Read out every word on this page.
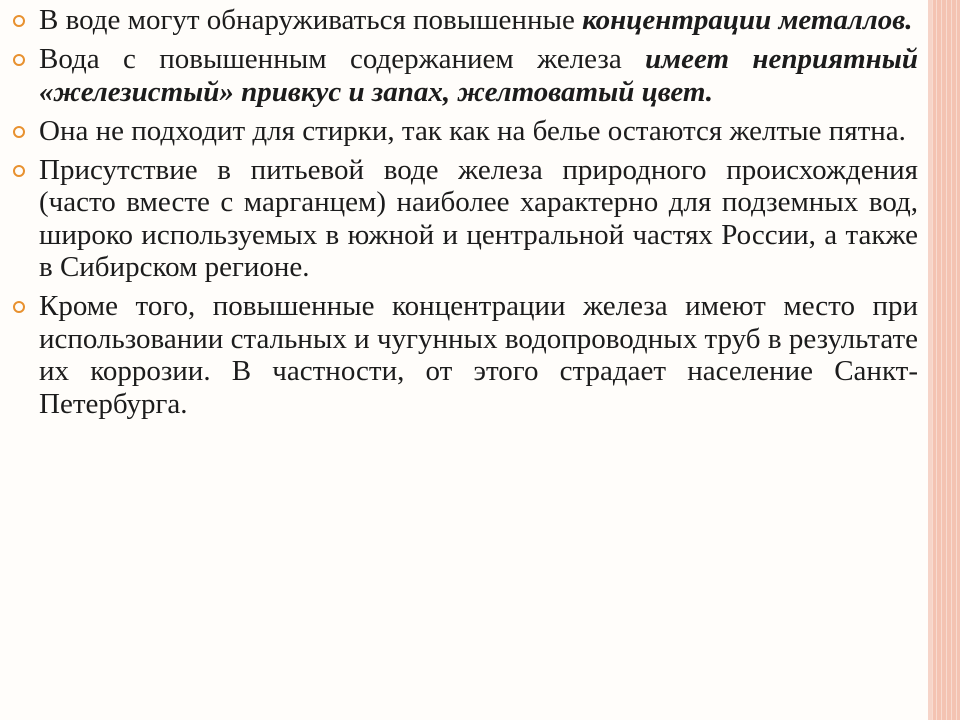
В воде могут обнаруживаться повышенные концентрации металлов.
Вода с повышенным содержанием железа имеет неприятный «железистый» привкус и запах, желтоватый цвет.
Она не подходит для стирки, так как на белье остаются желтые пятна.
Присутствие в питьевой воде железа природного происхождения (часто вместе с марганцем) наиболее характерно для подземных вод, широко используемых в южной и центральной частях России, а также в Сибирском регионе.
Кроме того, повышенные концентрации железа имеют место при использовании стальных и чугунных водопроводных труб в результате их коррозии. В частности, от этого страдает население Санкт-Петербурга.
